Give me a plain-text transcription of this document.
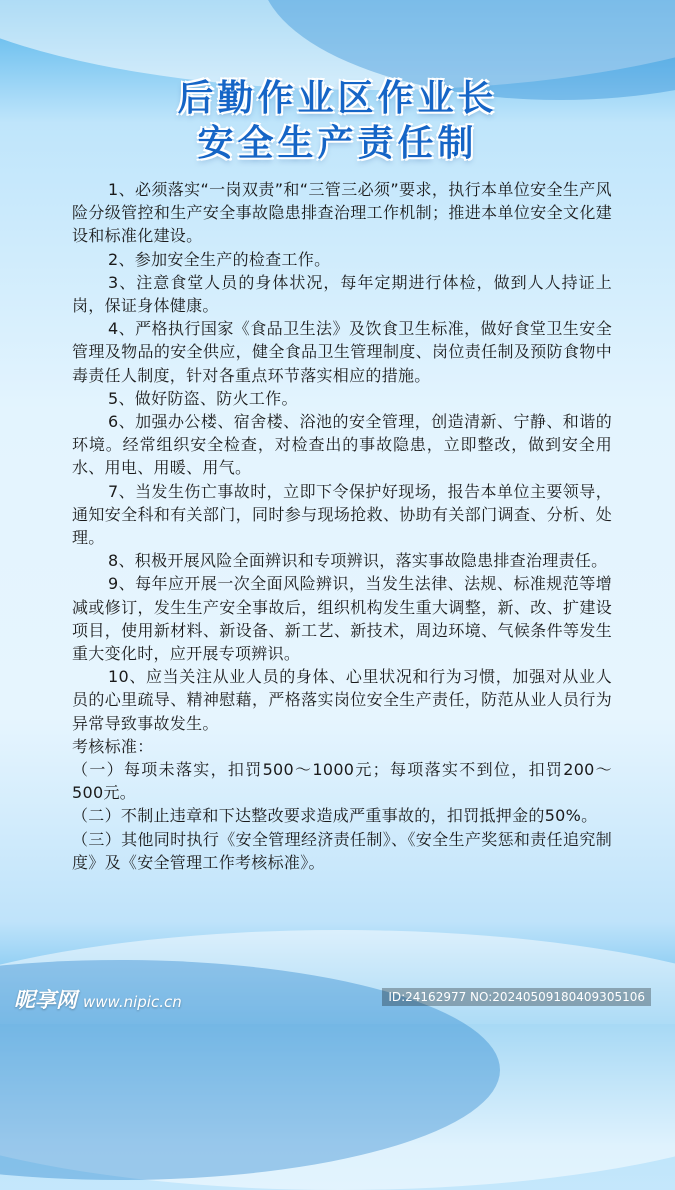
后勤作业区作业长
安全生产责任制

1、必须落实“一岗双责”和“三管三必须”要求，执行本单位安全生产风险分级管控和生产安全事故隐患排查治理工作机制；推进本单位安全文化建设和标准化建设。

2、参加安全生产的检查工作。

3、注意食堂人员的身体状况，每年定期进行体检，做到人人持证上岗，保证身体健康。

4、严格执行国家《食品卫生法》及饮食卫生标准，做好食堂卫生安全管理及物品的安全供应，健全食品卫生管理制度、岗位责任制及预防食物中毒责任人制度，针对各重点环节落实相应的措施。

5、做好防盗、防火工作。

6、加强办公楼、宿舍楼、浴池的安全管理，创造清新、宁静、和谐的环境。经常组织安全检查，对检查出的事故隐患，立即整改，做到安全用水、用电、用暖、用气。

7、当发生伤亡事故时，立即下令保护好现场，报告本单位主要领导，通知安全科和有关部门，同时参与现场抢救、协助有关部门调查、分析、处理。

8、积极开展风险全面辨识和专项辨识，落实事故隐患排查治理责任。

9、每年应开展一次全面风险辨识，当发生法律、法规、标准规范等增减或修订，发生生产安全事故后，组织机构发生重大调整，新、改、扩建设项目，使用新材料、新设备、新工艺、新技术，周边环境、气候条件等发生重大变化时，应开展专项辨识。

10、应当关注从业人员的身体、心里状况和行为习惯，加强对从业人员的心里疏导、精神慰藉，严格落实岗位安全生产责任，防范从业人员行为异常导致事故发生。

考核标准：

（一）每项未落实，扣罚500～1000元；每项落实不到位，扣罚200～500元。

（二）不制止违章和下达整改要求造成严重事故的，扣罚抵押金的50%。

（三）其他同时执行《安全管理经济责任制》、《安全生产奖惩和责任追究制度》及《安全管理工作考核标准》。

昵享网 www.nipic.cn	ID:24162977 NO:20240509180409305106
